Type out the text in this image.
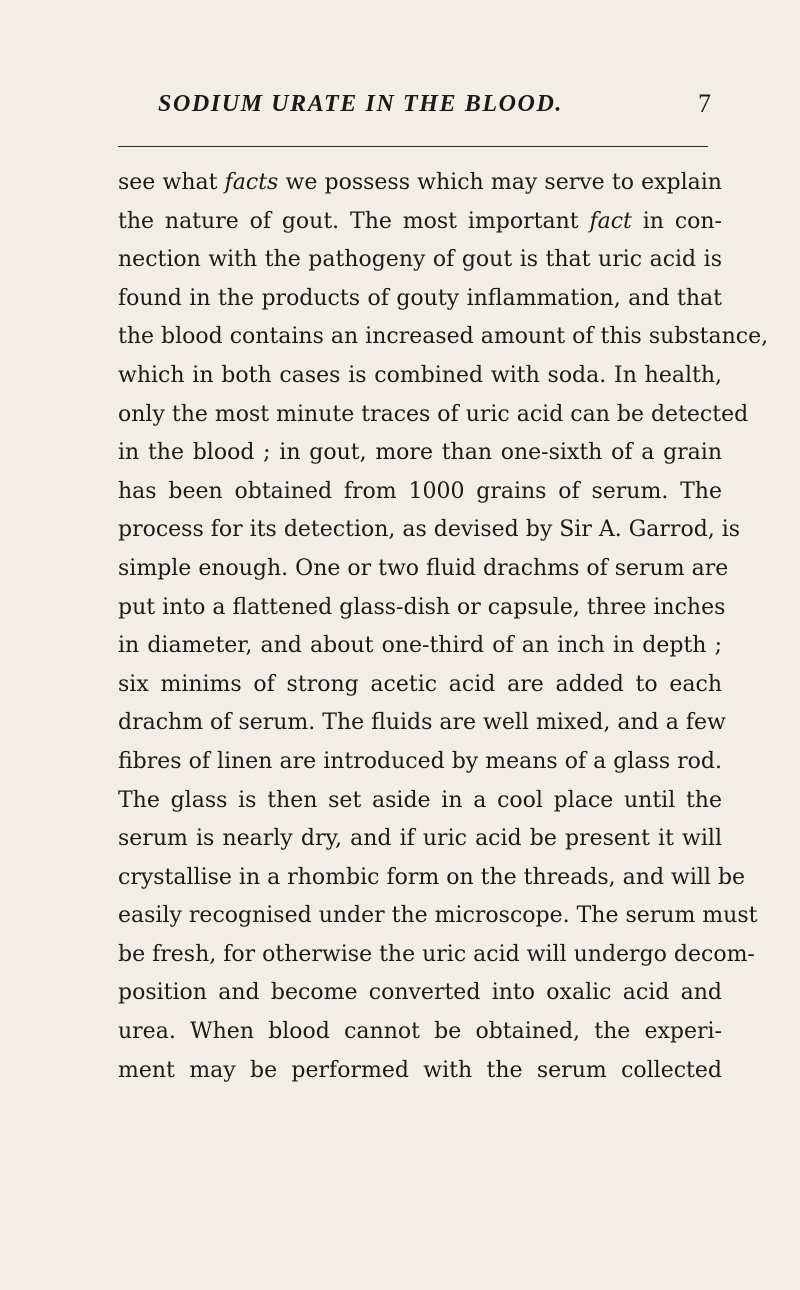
SODIUM URATE IN THE BLOOD.	7
see what facts we possess which may serve to explain
the nature of gout. The most important fact in con-
nection with the pathogeny of gout is that uric acid is
found in the products of gouty inflammation, and that
the blood contains an increased amount of this substance,
which in both cases is combined with soda. In health,
only the most minute traces of uric acid can be detected
in the blood ; in gout, more than one-sixth of a grain
has been obtained from 1000 grains of serum. The
process for its detection, as devised by Sir A. Garrod, is
simple enough. One or two fluid drachms of serum are
put into a flattened glass-dish or capsule, three inches
in diameter, and about one-third of an inch in depth ;
six minims of strong acetic acid are added to each
drachm of serum. The fluids are well mixed, and a few
fibres of linen are introduced by means of a glass rod.
The glass is then set aside in a cool place until the
serum is nearly dry, and if uric acid be present it will
crystallise in a rhombic form on the threads, and will be
easily recognised under the microscope. The serum must
be fresh, for otherwise the uric acid will undergo decom-
position and become converted into oxalic acid and
urea. When blood cannot be obtained, the experi-
ment may be performed with the serum collected
